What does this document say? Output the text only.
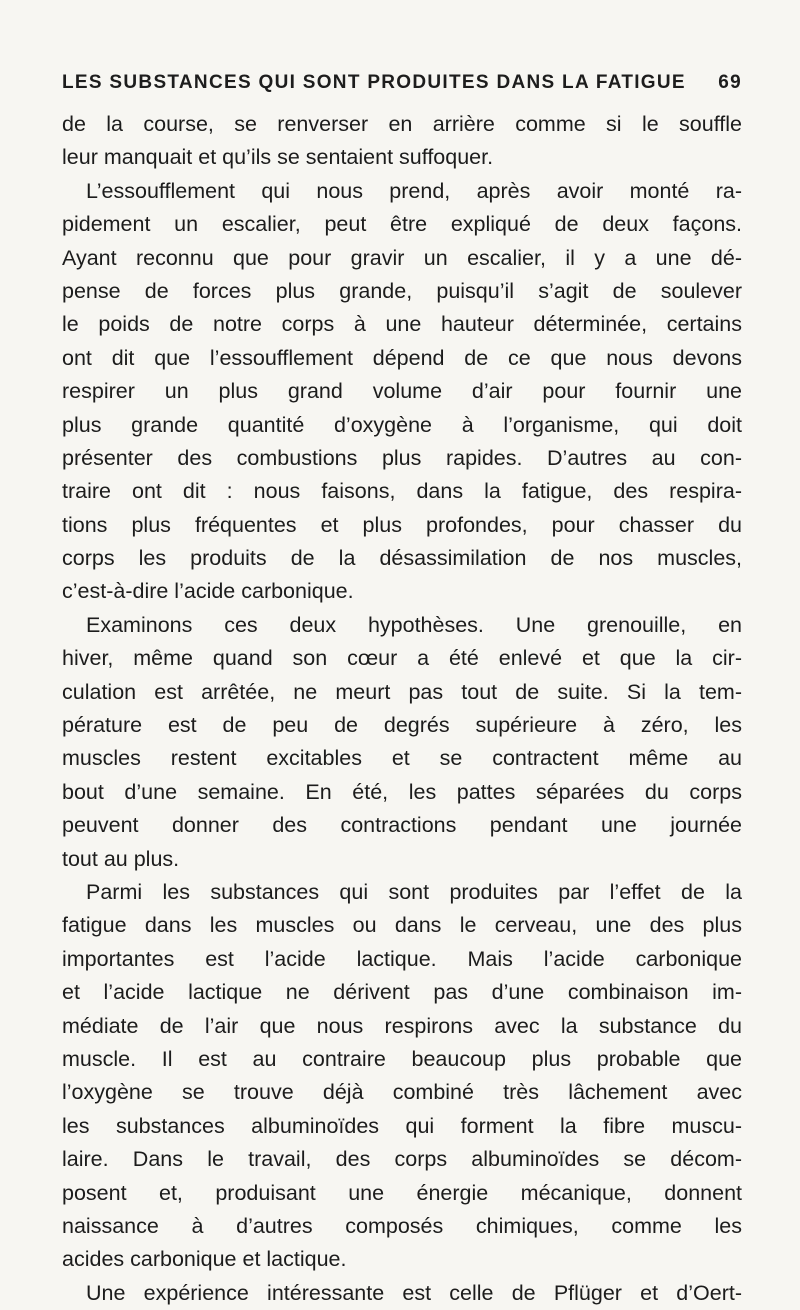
LES SUBSTANCES QUI SONT PRODUITES DANS LA FATIGUE 69
de la course, se renverser en arrière comme si le souffle
leur manquait et qu’ils se sentaient suffoquer.
L’essoufflement qui nous prend, après avoir monté ra-
pidement un escalier, peut être expliqué de deux façons.
Ayant reconnu que pour gravir un escalier, il y a une dé-
pense de forces plus grande, puisqu’il s’agit de soulever
le poids de notre corps à une hauteur déterminée, certains
ont dit que l’essoufflement dépend de ce que nous devons
respirer un plus grand volume d’air pour fournir une
plus grande quantité d’oxygène à l’organisme, qui doit
présenter des combustions plus rapides. D’autres au con-
traire ont dit : nous faisons, dans la fatigue, des respira-
tions plus fréquentes et plus profondes, pour chasser du
corps les produits de la désassimilation de nos muscles,
c’est-à-dire l’acide carbonique.
Examinons ces deux hypothèses. Une grenouille, en
hiver, même quand son cœur a été enlevé et que la cir-
culation est arrêtée, ne meurt pas tout de suite. Si la tem-
pérature est de peu de degrés supérieure à zéro, les
muscles restent excitables et se contractent même au
bout d’une semaine. En été, les pattes séparées du corps
peuvent donner des contractions pendant une journée
tout au plus.
Parmi les substances qui sont produites par l’effet de la
fatigue dans les muscles ou dans le cerveau, une des plus
importantes est l’acide lactique. Mais l’acide carbonique
et l’acide lactique ne dérivent pas d’une combinaison im-
médiate de l’air que nous respirons avec la substance du
muscle. Il est au contraire beaucoup plus probable que
l’oxygène se trouve déjà combiné très lâchement avec
les substances albuminoïdes qui forment la fibre muscu-
laire. Dans le travail, des corps albuminoïdes se décom-
posent et, produisant une énergie mécanique, donnent
naissance à d’autres composés chimiques, comme les
acides carbonique et lactique.
Une expérience intéressante est celle de Pflüger et d’Oert-
